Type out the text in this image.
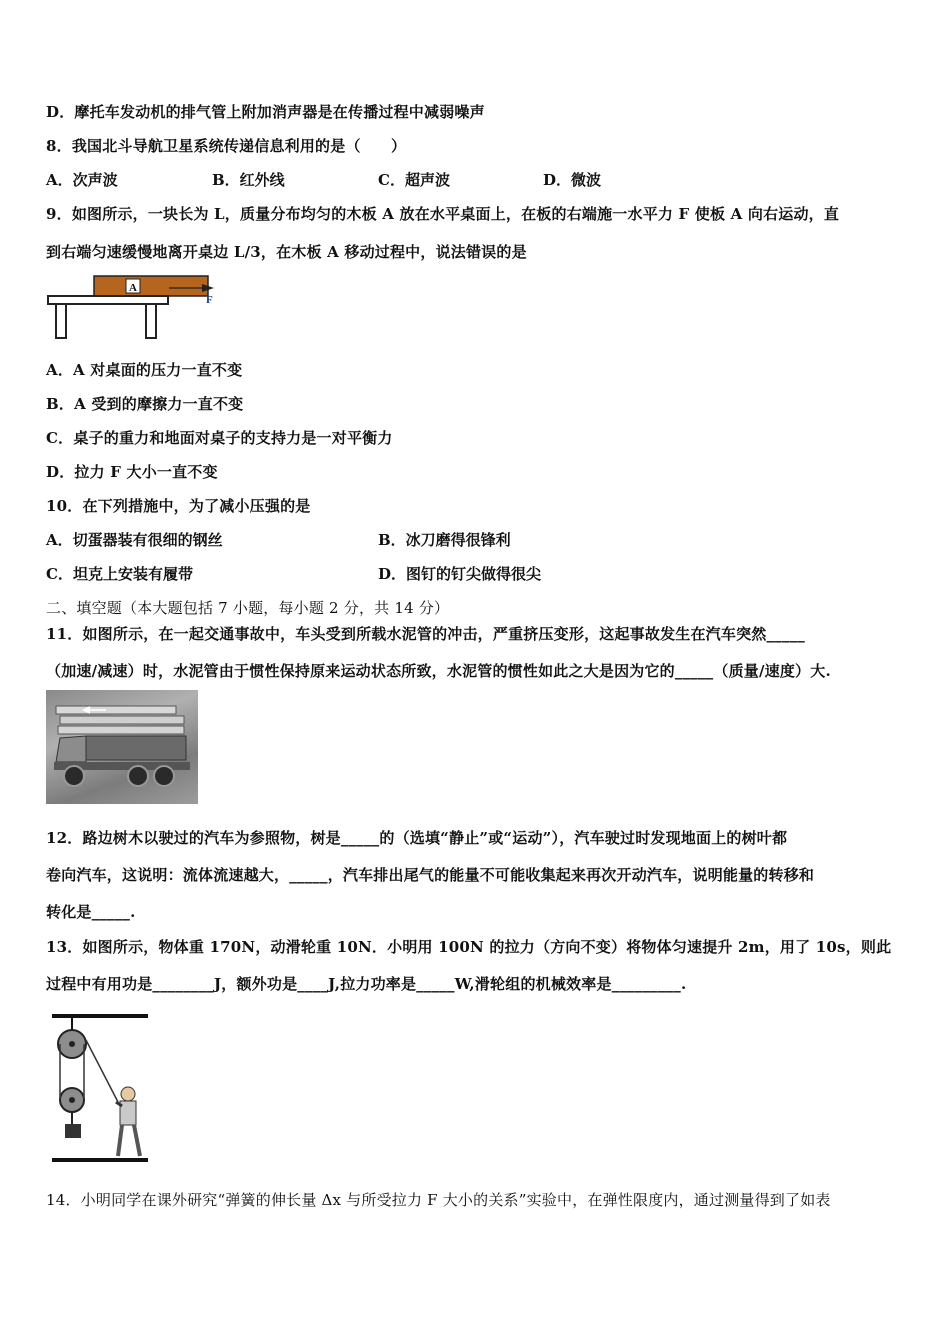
D．摩托车发动机的排气管上附加消声器是在传播过程中减弱噪声
8．我国北斗导航卫星系统传递信息利用的是（　　）
A．次声波	B．红外线	C．超声波	D．微波
9．如图所示，一块长为 L，质量分布均匀的木板 A 放在水平桌面上，在板的右端施一水平力 F 使板 A 向右运动，直
到右端匀速缓慢地离开桌边 L/3，在木板 A 移动过程中，说法错误的是
A
F
A．A 对桌面的压力一直不变
B．A 受到的摩擦力一直不变
C．桌子的重力和地面对桌子的支持力是一对平衡力
D．拉力 F 大小一直不变
10．在下列措施中，为了减小压强的是
A．切蛋器装有很细的钢丝	B．冰刀磨得很锋利
C．坦克上安装有履带	D．图钉的钉尖做得很尖
二、填空题（本大题包括 7 小题，每小题 2 分，共 14 分）
11．如图所示，在一起交通事故中，车头受到所载水泥管的冲击，严重挤压变形，这起事故发生在汽车突然_____
（加速/减速）时，水泥管由于惯性保持原来运动状态所致，水泥管的惯性如此之大是因为它的_____（质量/速度）大.
12．路边树木以驶过的汽车为参照物，树是_____的（选填“静止”或“运动”），汽车驶过时发现地面上的树叶都
卷向汽车，这说明：流体流速越大，_____，汽车排出尾气的能量不可能收集起来再次开动汽车，说明能量的转移和
转化是_____.
13．如图所示，物体重 170N，动滑轮重 10N．小明用 100N 的拉力（方向不变）将物体匀速提升 2m，用了 10s，则此
过程中有用功是________J，额外功是____J,拉力功率是_____W,滑轮组的机械效率是_________.
14．小明同学在课外研究“弹簧的伸长量 Δx 与所受拉力 F 大小的关系”实验中，在弹性限度内，通过测量得到了如表
